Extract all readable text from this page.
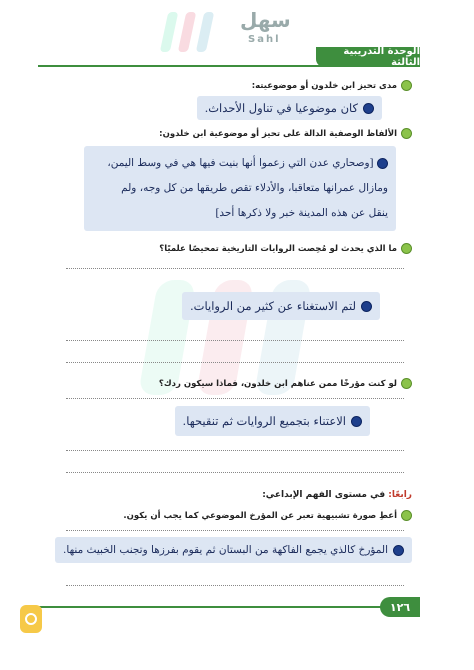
سهل
Sahl
الوحدة التدريبية الثالثة
مدى تحيز ابن خلدون أو موضوعيته:
كان موضوعيا في تناول الأحداث.
الألفاظ الوصفية الدالة على تحيز أو موضوعية ابن خلدون:
[وصحاري عدن التي زعموا أنها بنيت فيها هي في وسط اليمن،
ومازال عمرانها متعاقبا، والأدلاء تقص طريقها من كل وجه، ولم
ينقل عن هذه المدينة خبر ولا ذكرها أحد]
ما الذي يحدث لو مُحِصت الروايات التاريخية تمحيصًا علميًا؟
لتم الاستغناء عن كثير من الروايات.
لو كنت مؤرخًا ممن عناهم ابن خلدون، فماذا سيكون ردك؟
الاعتناء بتجميع الروايات ثم تنقيحها.
رابعًا: في مستوى الفهم الإبداعي:
أعطِ صورة تشبيهية تعبر عن المؤرخ الموضوعي كما يجب أن يكون.
المؤرخ كالذي يجمع الفاكهة من البستان ثم يقوم بفرزها وتجنب الخبيث منها.
١٢٦
